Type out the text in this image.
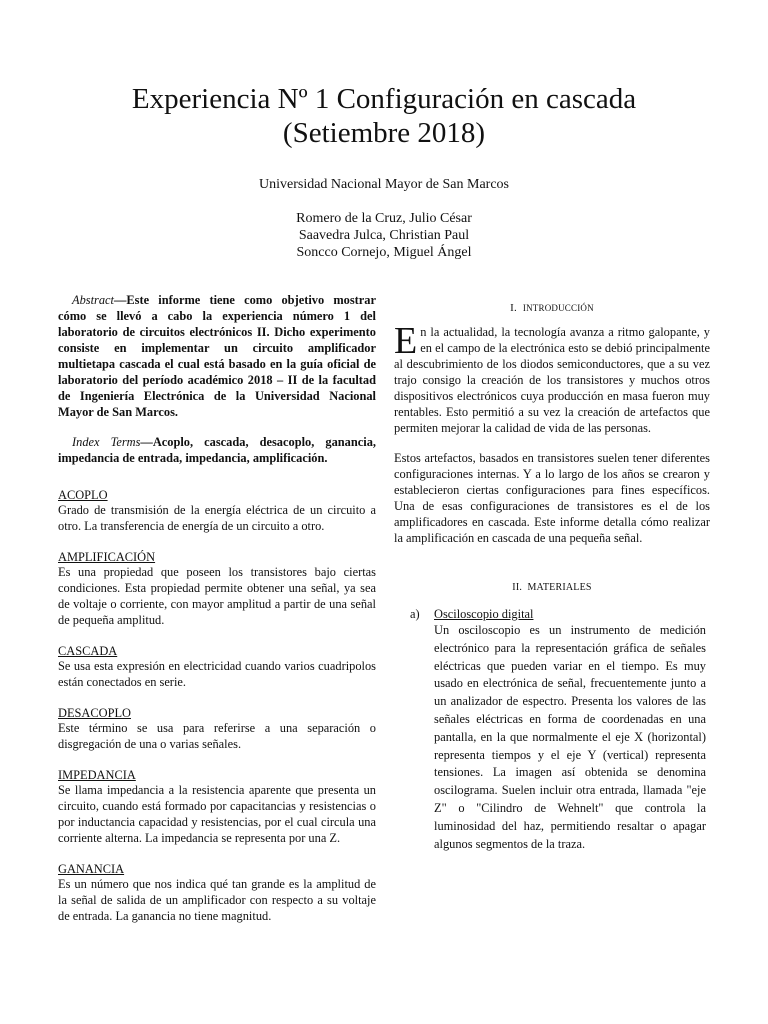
Experiencia Nº 1 Configuración en cascada
(Setiembre 2018)
Universidad Nacional Mayor de San Marcos
Romero de la Cruz, Julio César
Saavedra Julca, Christian Paul
Soncco Cornejo, Miguel Ángel

Abstract—Este informe tiene como objetivo mostrar cómo se llevó a cabo la experiencia número 1 del laboratorio de circuitos electrónicos II. Dicho experimento consiste en implementar un circuito amplificador multietapa cascada el cual está basado en la guía oficial de laboratorio del período académico 2018 – II de la facultad de Ingeniería Electrónica de la Universidad Nacional Mayor de San Marcos.

Index Terms—Acoplo, cascada, desacoplo, ganancia, impedancia de entrada, impedancia, amplificación.

ACOPLO

Grado de transmisión de la energía eléctrica de un circuito a otro. La transferencia de energía de un circuito a otro.

AMPLIFICACIÓN

Es una propiedad que poseen los transistores bajo ciertas condiciones. Esta propiedad permite obtener una señal, ya sea de voltaje o corriente, con mayor amplitud a partir de una señal de pequeña amplitud.

CASCADA

Se usa esta expresión en electricidad cuando varios cuadripolos están conectados en serie.

DESACOPLO

Este término se usa para referirse a una separación o disgregación de una o varias señales.

IMPEDANCIA

Se llama impedancia a la resistencia aparente que presenta un circuito, cuando está formado por capacitancias y resistencias o por inductancia capacidad y resistencias, por el cual circula una corriente alterna. La impedancia se representa por una Z.

GANANCIA

Es un número que nos indica qué tan grande es la amplitud de la señal de salida de un amplificador con respecto a su voltaje de entrada. La ganancia no tiene magnitud.

I. INTRODUCCIÓN

En la actualidad, la tecnología avanza a ritmo galopante, y en el campo de la electrónica esto se debió principalmente al descubrimiento de los diodos semiconductores, que a su vez trajo consigo la creación de los transistores y muchos otros dispositivos electrónicos cuya producción en masa fueron muy rentables. Esto permitió a su vez la creación de artefactos que permiten mejorar la calidad de vida de las personas.

Estos artefactos, basados en transistores suelen tener diferentes configuraciones internas. Y a lo largo de los años se crearon y establecieron ciertas configuraciones para fines específicos. Una de esas configuraciones de transistores es el de los amplificadores en cascada. Este informe detalla cómo realizar la amplificación en cascada de una pequeña señal.

II. MATERIALES

a)	Osciloscopio digital

Un osciloscopio es un instrumento de medición electrónico para la representación gráfica de señales eléctricas que pueden variar en el tiempo. Es muy usado en electrónica de señal, frecuentemente junto a un analizador de espectro. Presenta los valores de las señales eléctricas en forma de coordenadas en una pantalla, en la que normalmente el eje X (horizontal) representa tiempos y el eje Y (vertical) representa tensiones. La imagen así obtenida se denomina oscilograma. Suelen incluir otra entrada, llamada "eje Z" o "Cilindro de Wehnelt" que controla la luminosidad del haz, permitiendo resaltar o apagar algunos segmentos de la traza.
